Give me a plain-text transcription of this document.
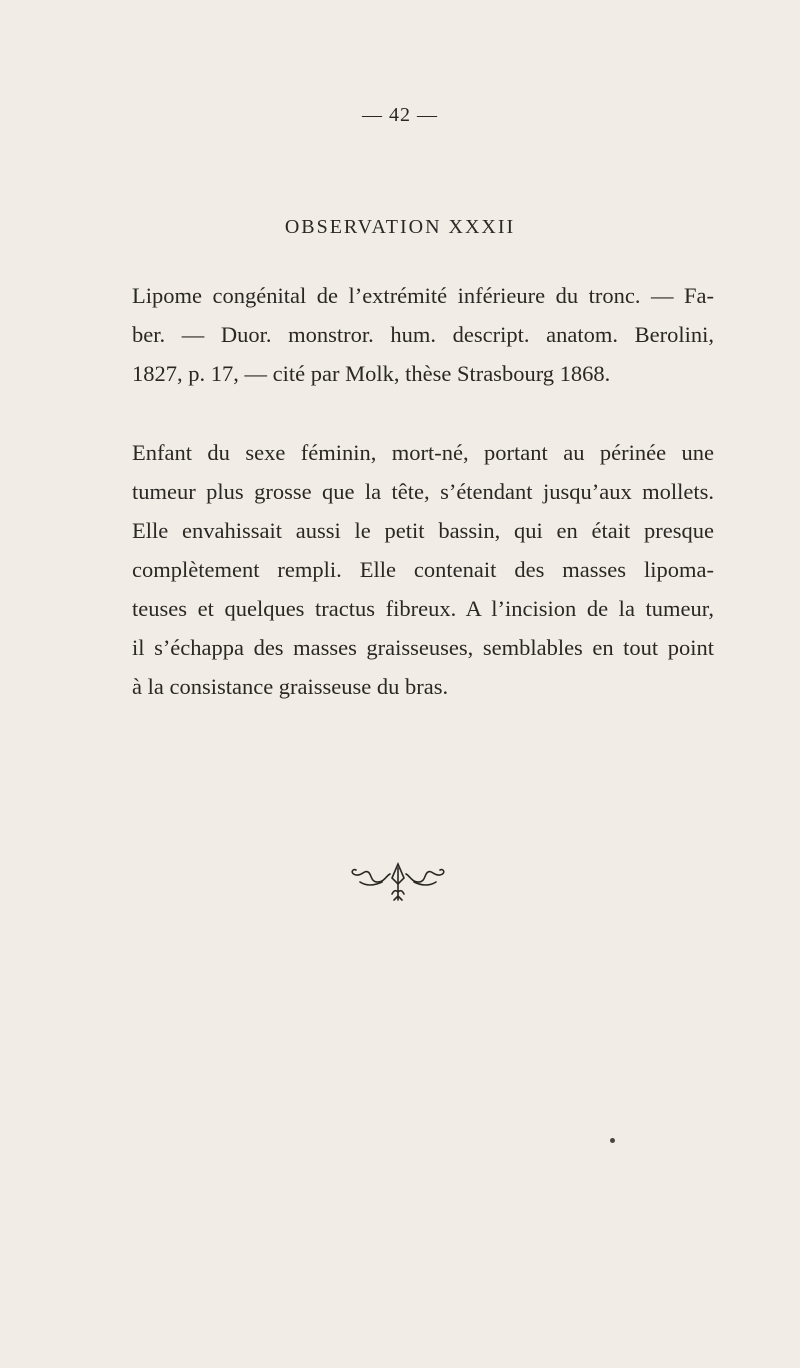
— 42 —
OBSERVATION XXXII
Lipome congénital de l’extrémité inférieure du tronc. — Fa-
ber. — Duor. monstror. hum. descript. anatom. Berolini,
1827, p. 17, — cité par Molk, thèse Strasbourg 1868.
Enfant du sexe féminin, mort-né, portant au périnée une
tumeur plus grosse que la tête, s’étendant jusqu’aux mollets.
Elle envahissait aussi le petit bassin, qui en était presque
complètement rempli. Elle contenait des masses lipoma-
teuses et quelques tractus fibreux. A l’incision de la tumeur,
il s’échappa des masses graisseuses, semblables en tout point
à la consistance graisseuse du bras.
